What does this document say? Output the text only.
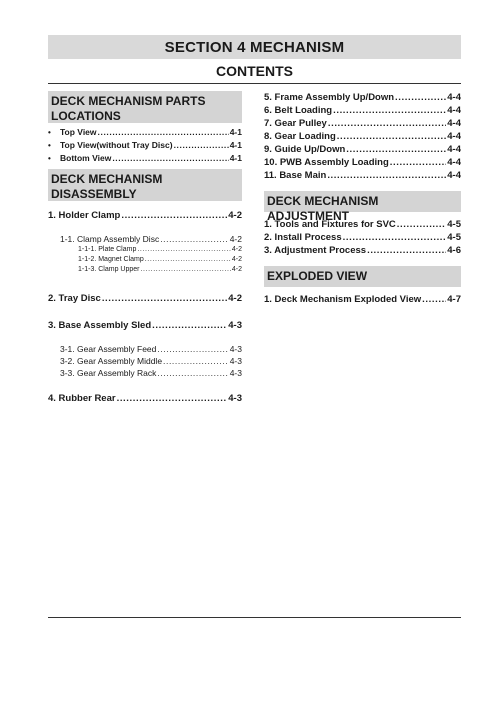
SECTION 4 MECHANISM
CONTENTS
DECK MECHANISM PARTS LOCATIONS
•	Top View .....	4-1
•	Top View(without Tray Disc) .....	4-1
•	Bottom View .....	4-1
DECK MECHANISM DISASSEMBLY
1. Holder Clamp .....	4-2
1-1. Clamp Assembly Disc .....	4-2
1-1-1. Plate Clamp .....	4-2
1-1-2. Magnet Clamp .....	4-2
1-1-3. Clamp Upper .....	4-2
2. Tray Disc .....	4-2
3. Base Assembly Sled .....	4-3
3-1. Gear Assembly Feed .....	4-3
3-2. Gear Assembly Middle .....	4-3
3-3. Gear Assembly Rack .....	4-3
4. Rubber Rear .....	4-3
5. Frame Assembly Up/Down .....	4-4
6. Belt Loading .....	4-4
7. Gear Pulley .....	4-4
8. Gear Loading .....	4-4
9. Guide Up/Down .....	4-4
10. PWB Assembly Loading .....	4-4
11. Base Main .....	4-4
DECK MECHANISM ADJUSTMENT
1. Tools and Fixtures for SVC .....	4-5
2. Install Process .....	4-5
3. Adjustment Process .....	4-6
EXPLODED VIEW
1. Deck Mechanism Exploded View .....	4-7
